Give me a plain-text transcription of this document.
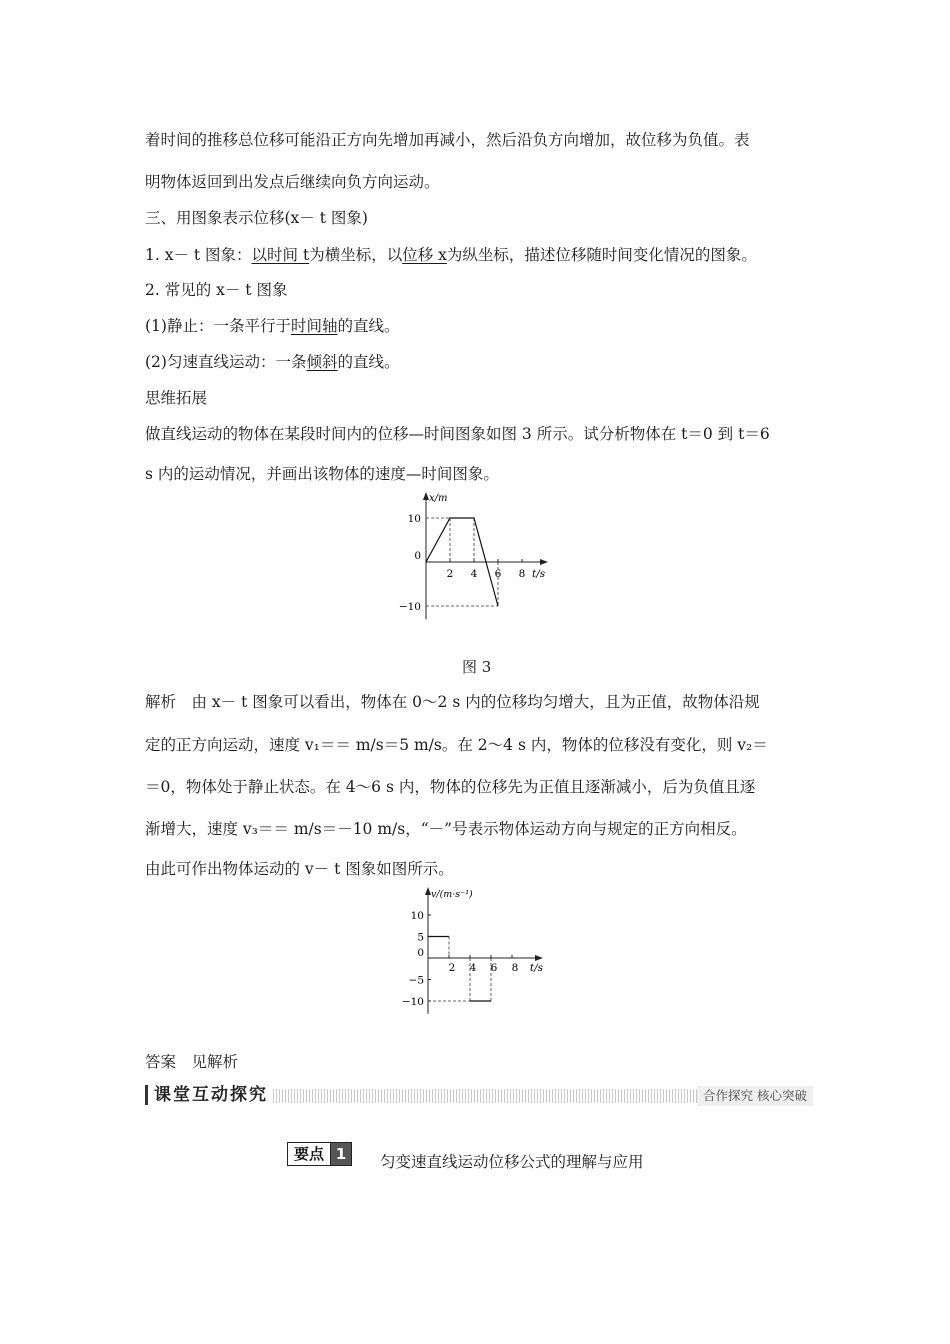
着时间的推移总位移可能沿正方向先增加再减小，然后沿负方向增加，故位移为负值。表
明物体返回到出发点后继续向负方向运动。
三、用图象表示位移(x－ t 图象)
1. x－ t 图象：以时间 t为横坐标，以位移 x为纵坐标，描述位移随时间变化情况的图象。
2. 常见的 x－ t 图象
(1)静止：一条平行于时间轴的直线。
(2)匀速直线运动：一条倾斜的直线。
思维拓展
做直线运动的物体在某段时间内的位移—时间图象如图 3 所示。试分析物体在 t＝0 到 t＝6
s 内的运动情况，并画出该物体的速度—时间图象。
x/m
t/s
10
0
−10
2 4 6 8
图 3
解析　由 x－ t 图象可以看出，物体在 0～2 s 内的位移均匀增大，且为正值，故物体沿规
定的正方向运动，速度 v₁＝＝ m/s＝5 m/s。在 2～4 s 内，物体的位移没有变化，则 v₂＝
＝0，物体处于静止状态。在 4～6 s 内，物体的位移先为正值且逐渐减小，后为负值且逐
渐增大，速度 v₃＝＝ m/s＝－10 m/s，“－”号表示物体运动方向与规定的正方向相反。
由此可作出物体运动的 v－ t 图象如图所示。
v/(m·s⁻¹)
t/s
10
5
0
−5
−10
2 4 6 8
答案　见解析
课堂互动探究	合作探究 核心突破
要点 1	匀变速直线运动位移公式的理解与应用
